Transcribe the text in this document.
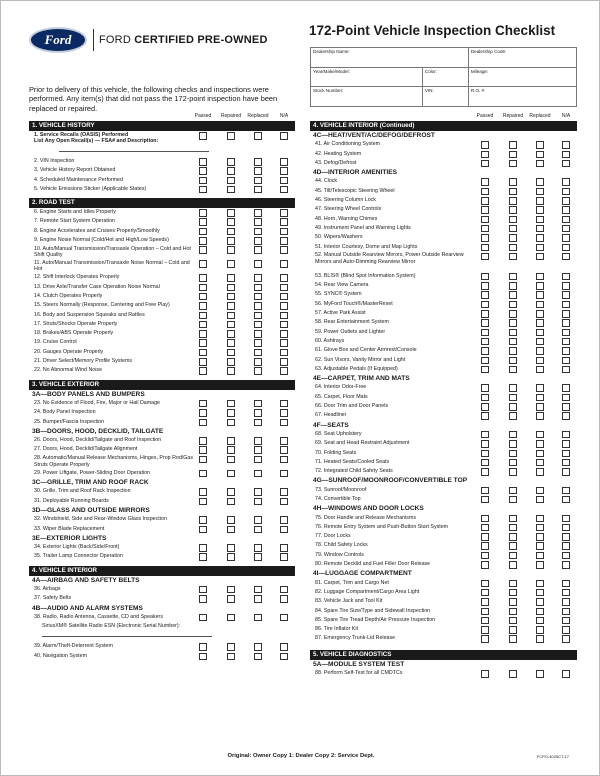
Ford	FORD CERTIFIED PRE-OWNED
172-Point Vehicle Inspection Checklist
Dealership Name:		Dealership Code:
Year/Make/Model:	Color:	Mileage:
Stock Number:	VIN:	R.O. #
Prior to delivery of this vehicle, the following checks and inspections were performed. Any item(s) that did not pass the 172-point inspection have been replaced or repaired.
1. VEHICLE HISTORY
Passed	Repaired Replaced	N/A
1. Service Recalls (OASIS) Performed
List Any Open Recall(s) — FSA# and Description:
2. VIN Inspection
3. Vehicle History Report Obtained
4. Scheduled Maintenance Performed
5. Vehicle Emissions Sticker (Applicable States)
2. ROAD TEST
6. Engine Starts and Idles Properly
7. Remote Start System Operation
8. Engine Accelerates and Cruises Properly/Smoothly
9. Engine Noise Normal (Cold/Hot and High/Low Speeds)
10. Auto/Manual Transmission/Transaxle Operation – Cold and Hot Shift Quality
11. Auto/Manual Transmission/Transaxle Noise Normal – Cold and Hot
12. Shift Interlock Operates Properly
13. Drive Axle/Transfer Case Operation Noise Normal
14. Clutch Operates Properly
15. Steers Normally (Response, Centering and Free Play)
16. Body and Suspension Squeaks and Rattles
17. Struts/Shocks Operate Properly
18. Brakes/ABS Operate Properly
19. Cruise Control
20. Gauges Operate Properly
21. Driver Select/Memory Profile Systems
22. No Abnormal Wind Noise
3. VEHICLE EXTERIOR
3A—BODY PANELS AND BUMPERS
23. No Evidence of Flood, Fire, Major or Hail Damage
24. Body Panel Inspection
25. Bumper/Fascia Inspection
3B—DOORS, HOOD, DECKLID, TAILGATE
26. Doors, Hood, Decklid/Tailgate and Roof Inspection
27. Doors, Hood, Decklid/Tailgate Alignment
28. Automatic/Manual Release Mechanisms, Hinges, Prop Rod/Gas Struts Operate Properly
29. Power Liftgate, Power-Sliding Door Operation
3C—GRILLE, TRIM AND ROOF RACK
30. Grille, Trim and Roof Rack Inspection
31. Deployable Running Boards
3D—GLASS AND OUTSIDE MIRRORS
32. Windshield, Side and Rear-Window Glass Inspection
33. Wiper Blade Replacement
3E—EXTERIOR LIGHTS
34. Exterior Lights (Back/Side/Front)
35. Trailer Lamp Connector Operation
4. VEHICLE INTERIOR
4A—AIRBAG AND SAFETY BELTS
36. Airbags
37. Safety Belts
4B—AUDIO AND ALARM SYSTEMS
38. Radio, Radio Antenna, Cassette, CD and Speakers
SiriusXM® Satellite Radio ESN (Electronic Serial Number):
39. Alarm/Theft-Deterrent System
40. Navigation System
4. VEHICLE INTERIOR (Continued)
Passed	Repaired Replaced	N/A
4C—HEAT/VENT/AC/DEFOG/DEFROST
41. Air Conditioning System
42. Heating System
43. Defog/Defrost
4D—INTERIOR AMENITIES
44. Clock
45. Tilt/Telescopic Steering Wheel
46. Steering Column Lock
47. Steering Wheel Controls
48. Horn, Warning Chimes
49. Instrument Panel and Warning Lights
50. Wipers/Washers
51. Interior Courtesy, Dome and Map Lights
52. Manual Outside Rearview Mirrors, Power Outside Rearview Mirrors and Auto-Dimming Rearview Mirror
53. BLIS® (Blind Spot Information System)
54. Rear View Camera
55. SYNC® System
56. MyFord Touch®/MasterReset
57. Active Park Assist
58. Rear Entertainment System
59. Power Outlets and Lighter
60. Ashtrays
61. Glove Box and Center Armrest/Console
62. Sun Visors, Vanity Mirror and Light
63. Adjustable Pedals (If Equipped)
4E—CARPET, TRIM AND MATS
64. Interior Odor-Free
65. Carpet, Floor Mats
66. Door Trim and Door Panels
67. Headliner
4F—SEATS
68. Seat Upholstery
69. Seat and Head Restraint Adjustment
70. Folding Seats
71. Heated Seats/Cooled Seats
72. Integrated Child Safety Seats
4G—SUNROOF/MOONROOF/CONVERTIBLE TOP
73. Sunroof/Moonroof
74. Convertible Top
4H—WINDOWS AND DOOR LOCKS
75. Door Handle and Release Mechanisms
76. Remote Entry System and Push-Button Start System
77. Door Locks
78. Child Safety Locks
79. Window Controls
80. Remote Decklid and Fuel Filler Door Release
4I—LUGGAGE COMPARTMENT
81. Carpet, Trim and Cargo Net
82. Luggage Compartment/Cargo Area Light
83. Vehicle Jack and Tool Kit
84. Spare Tire Size/Type and Sidewall Inspection
85. Spare Tire Tread Depth/Air Pressure Inspection
86. Tire Inflator Kit
87. Emergency Trunk-Lid Release
5. VEHICLE DIAGNOSTICS
5A—MODULE SYSTEM TEST
88. Perform Self-Test for all CMDTCs
Original: Owner Copy 1: Dealer Copy 2: Service Dept.	FCPO-4025CT-17
